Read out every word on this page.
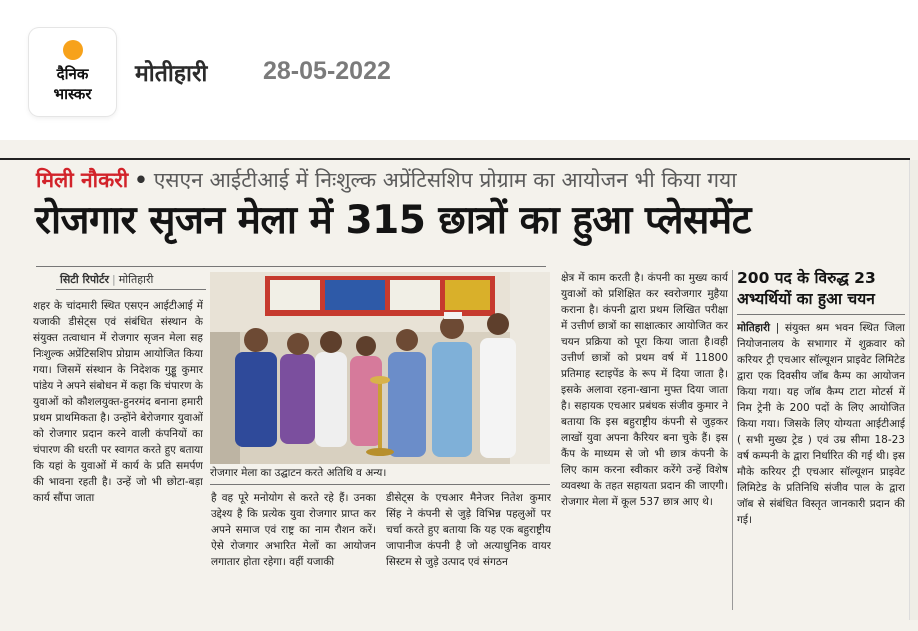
दैनिक
भास्कर
मोतीहारी 28-05-2022
मिली नौकरी • एसएन आईटीआई में निःशुल्क अप्रेंटिसशिप प्रोग्राम का आयोजन भी किया गया
रोजगार सृजन मेला में 315 छात्रों का हुआ प्लेसमेंट
सिटी रिपोर्टर | मोतिहारी

शहर के चांदमारी स्थित एसएन आईटीआई में यजाकी डीसेट्स एवं संबंधित संस्थान के संयुक्त तत्वाधान में रोजगार सृजन मेला सह निःशुल्क अप्रेंटिसशिप प्रोग्राम आयोजित किया गया। जिसमें संस्थान के निदेशक गुड्डू कुमार पांडेय ने अपने संबोधन में कहा कि चंपारण के युवाओं को कौशलयुक्त-हुनरमंद बनाना हमारी प्रथम प्राथमिकता है। उन्होंने बेरोजगार युवाओं को रोजगार प्रदान करने वाली कंपनियों का चंपारण की धरती पर स्वागत करते हुए बताया कि यहां के युवाओं में कार्य के प्रति समर्पण की भावना रहती है। उन्हें जो भी छोटा-बड़ा कार्य सौंपा जाता

रोजगार मेला का उद्घाटन करते अतिथि व अन्य।

है वह पूरे मनोयोग से करते रहे हैं। उनका उद्देश्य है कि प्रत्येक युवा रोजगार प्राप्त कर अपने समाज एवं राष्ट्र का नाम रौशन करें। ऐसे रोजगार अभारित मेलों का आयोजन लगातार होता रहेगा। वहीं यजाकी

डीसेट्स के एचआर मैनेजर नितेश कुमार सिंह ने कंपनी से जुड़े विभिन्न पहलुओं पर चर्चा करते हुए बताया कि यह एक बहुराष्ट्रीय जापानीज कंपनी है जो अत्याधुनिक वायर सिस्टम से जुड़े उत्पाद एवं संगठन

क्षेत्र में काम करती है। कंपनी का मुख्य कार्य युवाओं को प्रशिक्षित कर स्वरोजगार मुहैया कराना है। कंपनी द्वारा प्रथम लिखित परीक्षा में उत्तीर्ण छात्रों का साक्षात्कार आयोजित कर चयन प्रक्रिया को पूरा किया जाता है।वही उत्तीर्ण छात्रों को प्रथम वर्ष में 11800 प्रतिमाह स्टाइपेंड के रूप में दिया जाता है। इसके अलावा रहना-खाना मुफ्त दिया जाता है। सहायक एचआर प्रबंधक संजीव कुमार ने बताया कि इस बहुराष्ट्रीय कंपनी से जुड़कर लाखों युवा अपना कैरियर बना चुके हैं। इस कैंप के माध्यम से जो भी छात्र कंपनी के लिए काम करना स्वीकार करेंगे उन्हें विशेष व्यवस्था के तहत सहायता प्रदान की जाएगी। रोजगार मेला में कूल 537 छात्र आए थे।

200 पद के विरुद्ध 23 अभ्यर्थियों का हुआ चयन

मोतिहारी | संयुक्त श्रम भवन स्थित जिला नियोजनालय के सभागार में शुक्रवार को करियर ट्री एचआर सॉल्यूशन प्राइवेट लिमिटेड द्वारा एक दिवसीय जॉब कैम्प का आयोजन किया गया। यह जॉब कैम्प टाटा मोटर्स में निम ट्रेनी के 200 पदों के लिए आयोजित किया गया। जिसके लिए योग्यता आईटीआई ( सभी मुख्य ट्रेड ) एवं उम्र सीमा 18-23 वर्ष कम्पनी के द्वारा निर्धारित की गई थी। इस मौके करियर ट्री एचआर सॉल्यूशन प्राइवेट लिमिटेड के प्रतिनिधि संजीव पाल के द्वारा जॉब से संबंधित विस्तृत जानकारी प्रदान की गई।
